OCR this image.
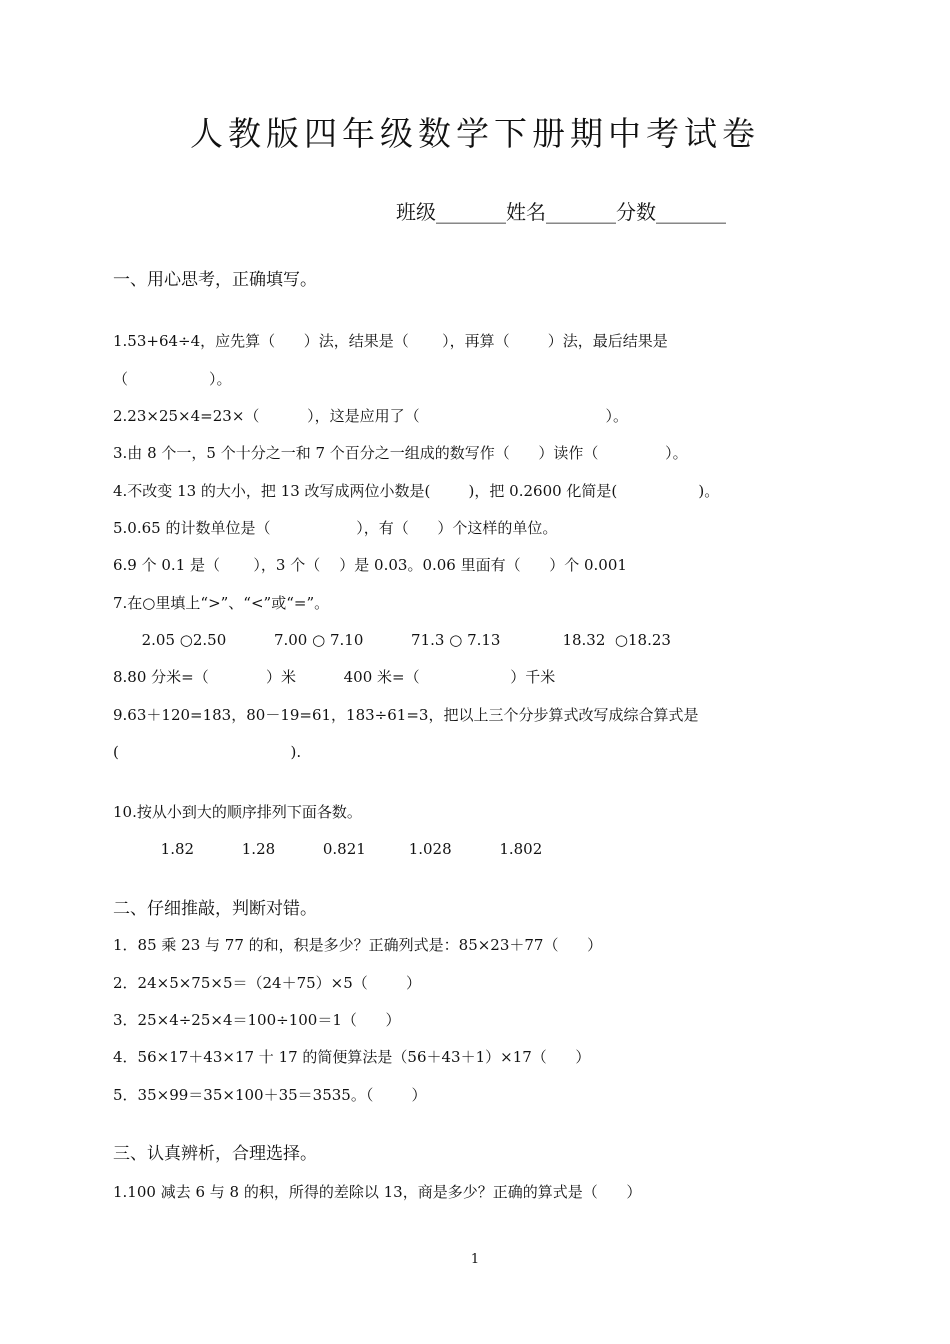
人教版四年级数学下册期中考试卷
班级_______姓名_______分数_______
一、用心思考，正确填写。
1.53+64÷4，应先算（      ）法，结果是（       ），再算（        ）法，最后结果是
（                 ）。
2.23×25×4=23×（          ），这是应用了（                                       ）。
3.由 8 个一，5 个十分之一和 7 个百分之一组成的数写作（      ）读作（              ）。
4.不改变 13 的大小，把 13 改写成两位小数是(        )，把 0.2600 化简是(                 )。
5.0.65 的计数单位是（                  ），有（      ）个这样的单位。
6.9 个 0.1 是（       ），3 个（    ）是 0.03。0.06 里面有（      ）个 0.001
7.在○里填上“>”、“<”或“=”。
2.05 ○2.50          7.00 ○ 7.10          71.3 ○ 7.13             18.32  ○18.23
8.80 分米=（            ）米          400 米=（                   ）千米
9.63＋120=183，80－19=61，183÷61=3，把以上三个分步算式改写成综合算式是
(                                    ).
10.按从小到大的顺序排列下面各数。
1.82          1.28          0.821         1.028          1.802
二、仔细推敲，判断对错。
1．85 乘 23 与 77 的和，积是多少？正确列式是：85×23＋77（      ）
2．24×5×75×5＝（24＋75）×5（        ）
3．25×4÷25×4＝100÷100＝1（      ）
4．56×17＋43×17 十 17 的简便算法是（56＋43＋1）×17（      ）
5．35×99＝35×100＋35＝3535。（        ）
三、认真辨析，合理选择。
1.100 减去 6 与 8 的积，所得的差除以 13，商是多少？正确的算式是（      ）
1
